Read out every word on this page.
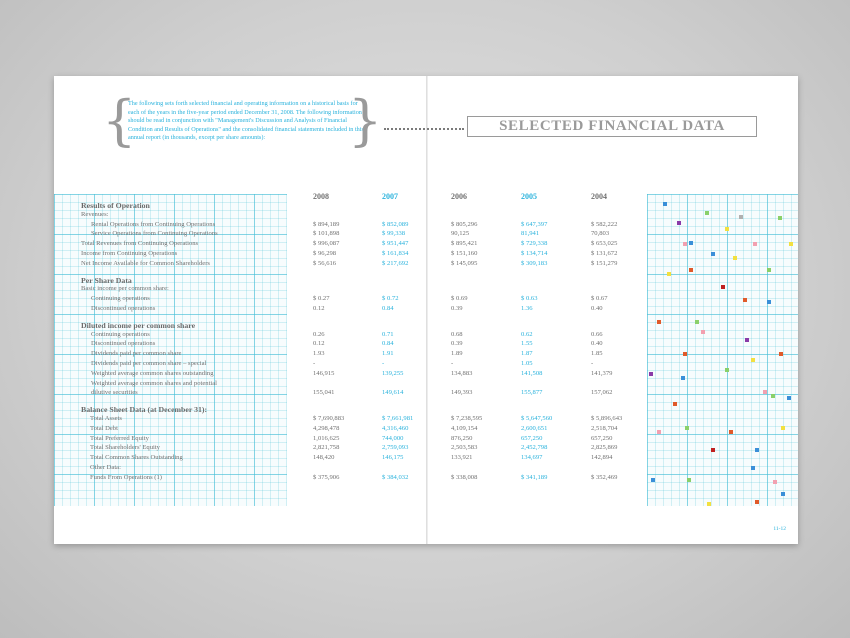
{
The following sets forth selected financial and operating information on a historical basis for each of the years in the five-year period ended December 31, 2008. The following information should be read in conjunction with "Management's Discussion and Analysis of Financial Condition and Results of Operations" and the consolidated financial statements included in this annual report (in thousands, except per share amounts):	}	SELECTED FINANCIAL DATA
2008	2007	2006	2005	2004
Results of Operation
Revenues:
Rental Operations from Continuing Operations	$ 894,189	$ 852,089	$ 805,296	$ 647,397	$ 582,222
Service Operations from Continuing Operations	$ 101,898	$ 99,338	90,125	81,941	70,803
Total Revenues from Continuing Operations	$ 996,087	$ 951,447	$ 895,421	$ 729,338	$ 653,025
Income from Continuing Operations	$ 96,298	$ 161,834	$ 151,160	$ 134,714	$ 131,672
Net Income Available for Common Shareholders	$ 56,616	$ 217,692	$ 145,095	$ 309,183	$ 151,279
Per Share Data
Basic income per common share:
Continuing operations	$ 0.27	$ 0.72	$ 0.69	$ 0.63	$ 0.67
Discontinued operations	0.12	0.84	0.39	1.36	0.40
Diluted income per common share
Continuing operations	0.26	0.71	0.68	0.62	0.66
Discontinued operations	0.12	0.84	0.39	1.55	0.40
Dividends paid per common share	1.93	1.91	1.89	1.87	1.85
Dividends paid per common share – special	-	-	-	1.05	-
Weighted average common shares outstanding	146,915	139,255	134,883	141,508	141,379
Weighted average common shares and potential
dilutive securities	155,041	149,614	149,393	155,877	157,062
Balance Sheet Data (at December 31):
Total Assets	$ 7,690,883	$ 7,661,981	$ 7,238,595	$ 5,647,560	$ 5,896,643
Total Debt	4,298,478	4,316,460	4,109,154	2,600,651	2,518,704
Total Preferred Equity	1,016,625	744,000	876,250	657,250	657,250
Total Shareholders' Equity	2,821,758	2,759,093	2,503,583	2,452,798	2,825,869
Total Common Shares Outstanding	148,420	146,175	133,921	134,697	142,894
Other Data:
Funds From Operations (1)	$ 375,906	$ 384,032	$ 338,008	$ 341,189	$ 352,469
11-12
